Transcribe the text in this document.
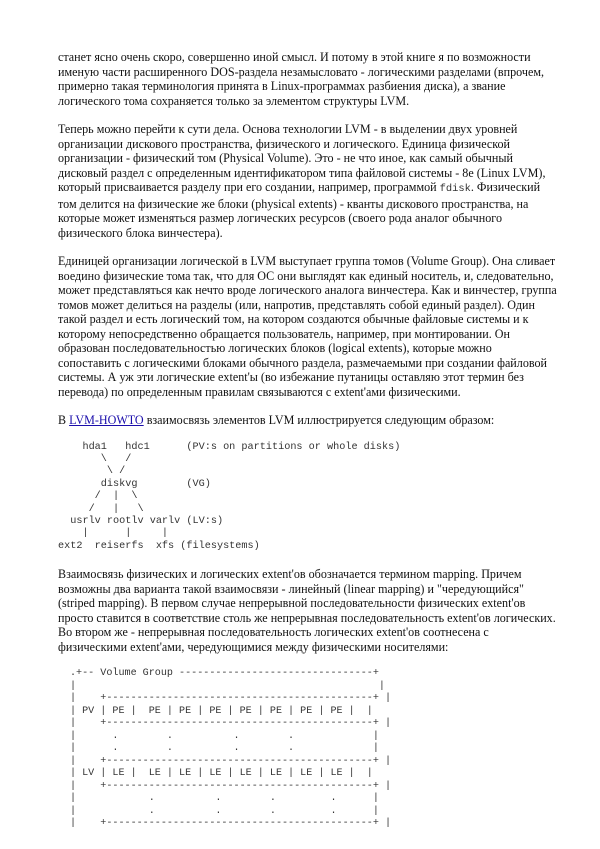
станет ясно очень скоро, совершенно иной смысл. И потому в этой книге я по возможности именую части расширенного DOS-раздела незамысловато - логическими разделами (впрочем, примерно такая терминология принята в Linux-программах разбиения диска), а звание логического тома сохраняется только за элементом структуры LVM.

Теперь можно перейти к сути дела. Основа технологии LVM - в выделении двух уровней организации дискового пространства, физического и логического. Единица физической организации - физический том (Physical Volume). Это - не что иное, как самый обычный дисковый раздел с определенным идентификатором типа файловой системы - 8e (Linux LVM), который присваивается разделу при его создании, например, программой fdisk. Физический том делится на физические же блоки (physical extents) - кванты дискового пространства, на которые может изменяться размер логических ресурсов (своего рода аналог обычного физического блока винчестера).

Единицей организации логической в LVM выступает группа томов (Volume Group). Она сливает воедино физические тома так, что для ОС они выглядят как единый носитель, и, следовательно, может представляться как нечто вроде логического аналога винчестера. Как и винчестер, группа томов может делиться на разделы (или, напротив, представлять собой единый раздел). Один такой раздел и есть логический том, на котором создаются обычные файловые системы и к которому непосредственно обращается пользователь, например, при монтировании. Он образован последовательностью логических блоков (logical extents), которые можно сопоставить с логическими блоками обычного раздела, размечаемыми при создании файловой системы. А уж эти логические extent'ы (во избежание путаницы оставляю этот термин без перевода) по определенным правилам связываются с extent'ами физическими.

В LVM-HOWTO взаимосвязь элементов LVM иллюстрируется следующим образом:

hda1   hdc1      (PV:s on partitions or whole disks)
\   /
\ /
diskvg        (VG)
/  |  \
/   |   \
usrlv rootlv varlv (LV:s)
|      |     |
ext2  reiserfs  xfs (filesystems)

Взаимосвязь физических и логических extent'ов обозначается термином mapping. Причем возможны два варианта такой взаимосвязи - линейный (linear mapping) и "чередующийся" (striped mapping). В первом случае непрерывной последовательности физических extent'ов просто ставится в соответствие столь же непрерывная последовательность extent'ов логических. Во втором же - непрерывная последовательность логических extent'ов соотнесена с физическими extent'ами, чередующимися между физическими носителями:

.+-- Volume Group --------------------------------+
|                                                  |
|    +--------------------------------------------+ |
| PV | PE |  PE | PE | PE | PE | PE | PE | PE |  |
|    +--------------------------------------------+ |
|      .        .          .        .             |
|      .        .          .        .             |
|    +--------------------------------------------+ |
| LV | LE |  LE | LE | LE | LE | LE | LE | LE |  |
|    +--------------------------------------------+ |
|            .          .        .         .      |
|            .          .        .         .      |
|    +--------------------------------------------+ |
